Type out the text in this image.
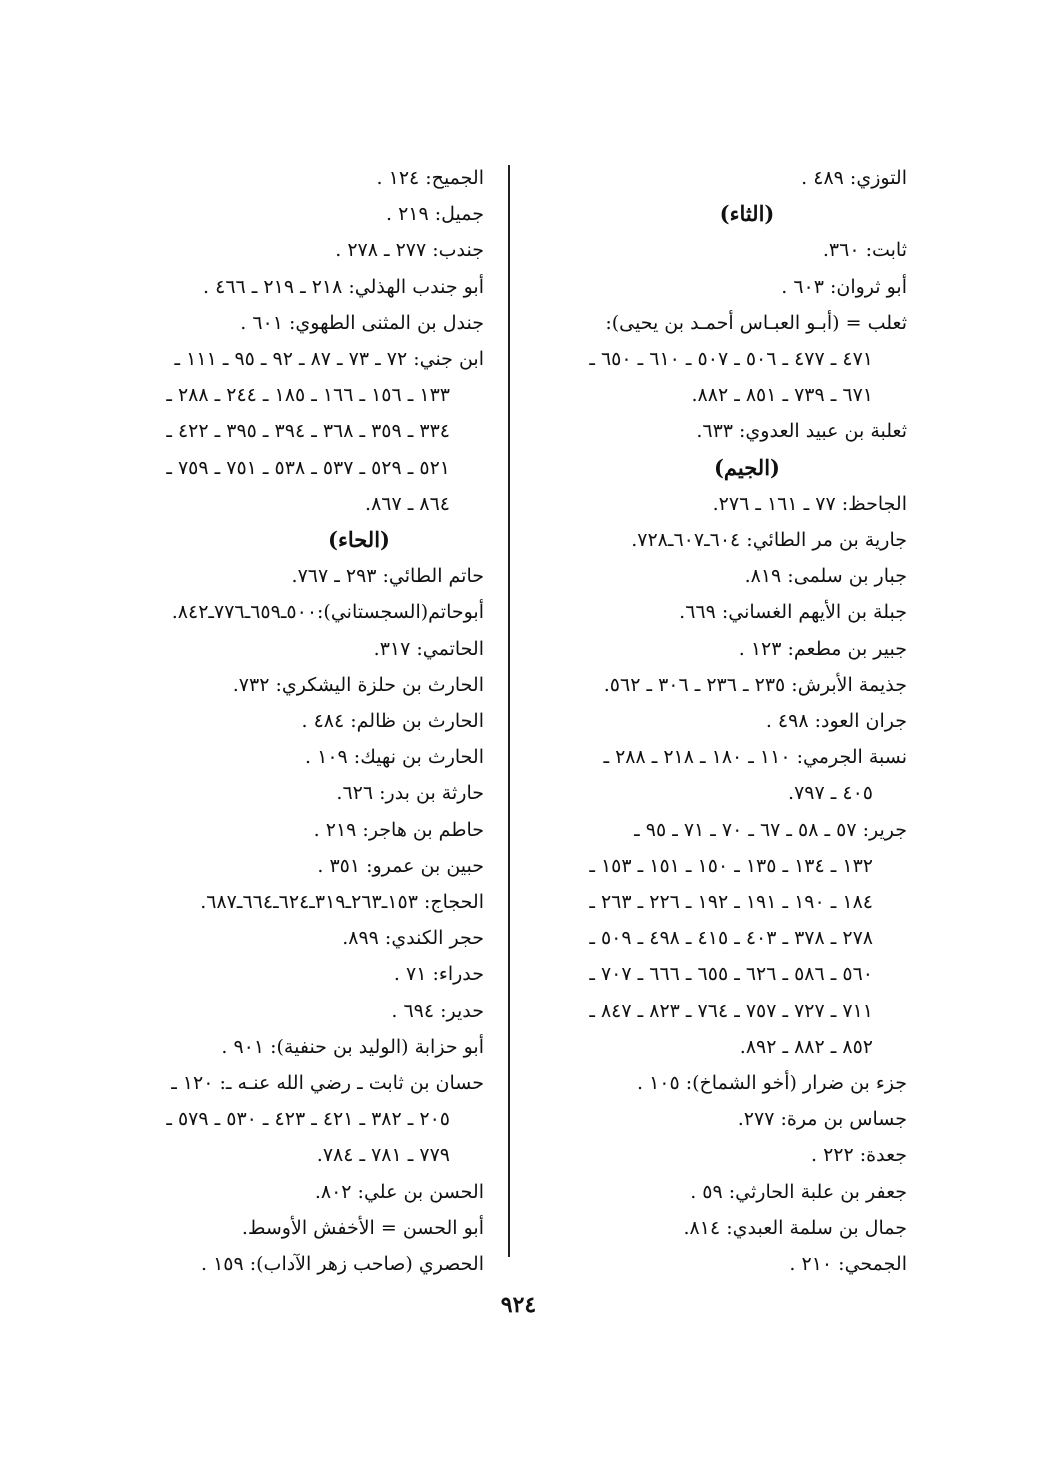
التوزي: ٤٨٩ .
(الثاء)
ثابت: ٣٦٠.
أبو ثروان: ٦٠٣ .
ثعلب = (أبـو العبـاس أحمـد بن يحيى):
٤٧١ ـ ٤٧٧ ـ ٥٠٦ ـ ٥٠٧ ـ ٦١٠ ـ ٦٥٠ ـ
٦٧١ ـ ٧٣٩ ـ ٨٥١ ـ ٨٨٢.
ثعلبة بن عبيد العدوي: ٦٣٣.
(الجيم)
الجاحظ: ٧٧ ـ ١٦١ ـ ٢٧٦.
جارية بن مر الطائي: ٦٠٤ـ٦٠٧ـ٧٢٨.
جبار بن سلمى: ٨١٩.
جبلة بن الأيهم الغساني: ٦٦٩.
جبير بن مطعم: ١٢٣ .
جذيمة الأبرش: ٢٣٥ ـ ٢٣٦ ـ ٣٠٦ ـ ٥٦٢.
جران العود: ٤٩٨ .
نسبة الجرمي: ١١٠ ـ ١٨٠ ـ ٢١٨ ـ ٢٨٨ ـ
٤٠٥ ـ ٧٩٧.
جرير: ٥٧ ـ ٥٨ ـ ٦٧ ـ ٧٠ ـ ٧١ ـ ٩٥ ـ
١٣٢ ـ ١٣٤ ـ ١٣٥ ـ ١٥٠ ـ ١٥١ ـ ١٥٣ ـ
١٨٤ ـ ١٩٠ ـ ١٩١ ـ ١٩٢ ـ ٢٢٦ ـ ٢٦٣ ـ
٢٧٨ ـ ٣٧٨ ـ ٤٠٣ ـ ٤١٥ ـ ٤٩٨ ـ ٥٠٩ ـ
٥٦٠ ـ ٥٨٦ ـ ٦٢٦ ـ ٦٥٥ ـ ٦٦٦ ـ ٧٠٧ ـ
٧١١ ـ ٧٢٧ ـ ٧٥٧ ـ ٧٦٤ ـ ٨٢٣ ـ ٨٤٧ ـ
٨٥٢ ـ ٨٨٢ ـ ٨٩٢.
جزء بن ضرار (أخو الشماخ): ١٠٥ .
جساس بن مرة: ٢٧٧.
جعدة: ٢٢٢ .
جعفر بن علبة الحارثي: ٥٩ .
جمال بن سلمة العبدي: ٨١٤.
الجمحي: ٢١٠ .
الجميح: ١٢٤ .
جميل: ٢١٩ .
جندب: ٢٧٧ ـ ٢٧٨ .
أبو جندب الهذلي: ٢١٨ ـ ٢١٩ ـ ٤٦٦ .
جندل بن المثنى الطهوي: ٦٠١ .
ابن جني: ٧٢ ـ ٧٣ ـ ٨٧ ـ ٩٢ ـ ٩٥ ـ ١١١ ـ
١٣٣ ـ ١٥٦ ـ ١٦٦ ـ ١٨٥ ـ ٢٤٤ ـ ٢٨٨ ـ
٣٣٤ ـ ٣٥٩ ـ ٣٦٨ ـ ٣٩٤ ـ ٣٩٥ ـ ٤٢٢ ـ
٥٢١ ـ ٥٢٩ ـ ٥٣٧ ـ ٥٣٨ ـ ٧٥١ ـ ٧٥٩ ـ
٨٦٤ ـ ٨٦٧.
(الحاء)
حاتم الطائي: ٢٩٣ ـ ٧٦٧.
أبوحاتم(السجستاني):٥٠٠ـ٦٥٩ـ٧٧٦ـ٨٤٢.
الحاتمي: ٣١٧.
الحارث بن حلزة اليشكري: ٧٣٢.
الحارث بن ظالم: ٤٨٤ .
الحارث بن نهيك: ١٠٩ .
حارثة بن بدر: ٦٢٦.
حاطم بن هاجر: ٢١٩ .
حبين بن عمرو: ٣٥١ .
الحجاج: ١٥٣ـ٢٦٣ـ٣١٩ـ٦٢٤ـ٦٦٤ـ٦٨٧.
حجر الكندي: ٨٩٩.
حدراء: ٧١ .
حدير: ٦٩٤ .
أبو حزابة (الوليد بن حنفية): ٩٠١ .
حسان بن ثابت ـ رضي الله عنـه ـ: ١٢٠ ـ
٢٠٥ ـ ٣٨٢ ـ ٤٢١ ـ ٤٢٣ ـ ٥٣٠ ـ ٥٧٩ ـ
٧٧٩ ـ ٧٨١ ـ ٧٨٤.
الحسن بن علي: ٨٠٢.
أبو الحسن = الأخفش الأوسط.
الحصري (صاحب زهر الآداب): ١٥٩ .
٩٢٤
